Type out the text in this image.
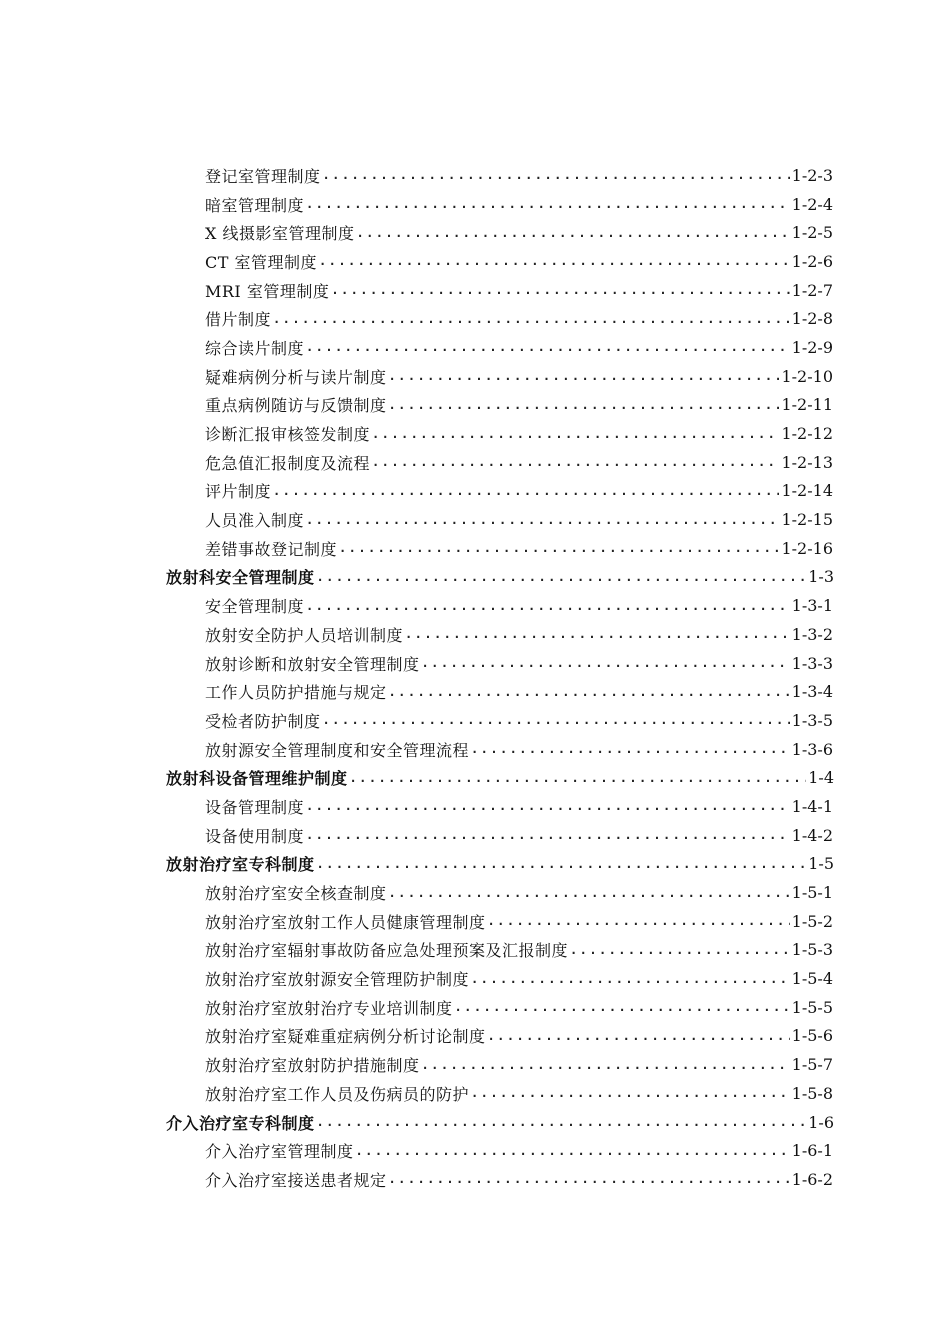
登记室管理制度 . . .	1-2-3
暗室管理制度 . . .	1-2-4
X 线摄影室管理制度 . . .	1-2-5
CT 室管理制度 . . .	1-2-6
MRI 室管理制度 . . .	1-2-7
借片制度 . . .	1-2-8
综合读片制度 . . .	1-2-9
疑难病例分析与读片制度 . . .	1-2-10
重点病例随访与反馈制度 . . .	1-2-11
诊断汇报审核签发制度 . . .	1-2-12
危急值汇报制度及流程 . . .	1-2-13
评片制度 . . .	1-2-14
人员准入制度 . . .	1-2-15
差错事故登记制度 . . .	1-2-16
放射科安全管理制度 . . .	1-3
安全管理制度 . . .	1-3-1
放射安全防护人员培训制度 . . .	1-3-2
放射诊断和放射安全管理制度 . . .	1-3-3
工作人员防护措施与规定 . . .	1-3-4
受检者防护制度 . . .	1-3-5
放射源安全管理制度和安全管理流程 . . .	1-3-6
放射科设备管理维护制度 . . .	1-4
设备管理制度 . . .	1-4-1
设备使用制度 . . .	1-4-2
放射治疗室专科制度 . . .	1-5
放射治疗室安全核查制度 . . .	1-5-1
放射治疗室放射工作人员健康管理制度 . . .	1-5-2
放射治疗室辐射事故防备应急处理预案及汇报制度 . . .	1-5-3
放射治疗室放射源安全管理防护制度 . . .	1-5-4
放射治疗室放射治疗专业培训制度 . . .	1-5-5
放射治疗室疑难重症病例分析讨论制度 . . .	1-5-6
放射治疗室放射防护措施制度 . . .	1-5-7
放射治疗室工作人员及伤病员的防护 . . .	1-5-8
介入治疗室专科制度 . . .	1-6
介入治疗室管理制度 . . .	1-6-1
介入治疗室接送患者规定 . . .	1-6-2
